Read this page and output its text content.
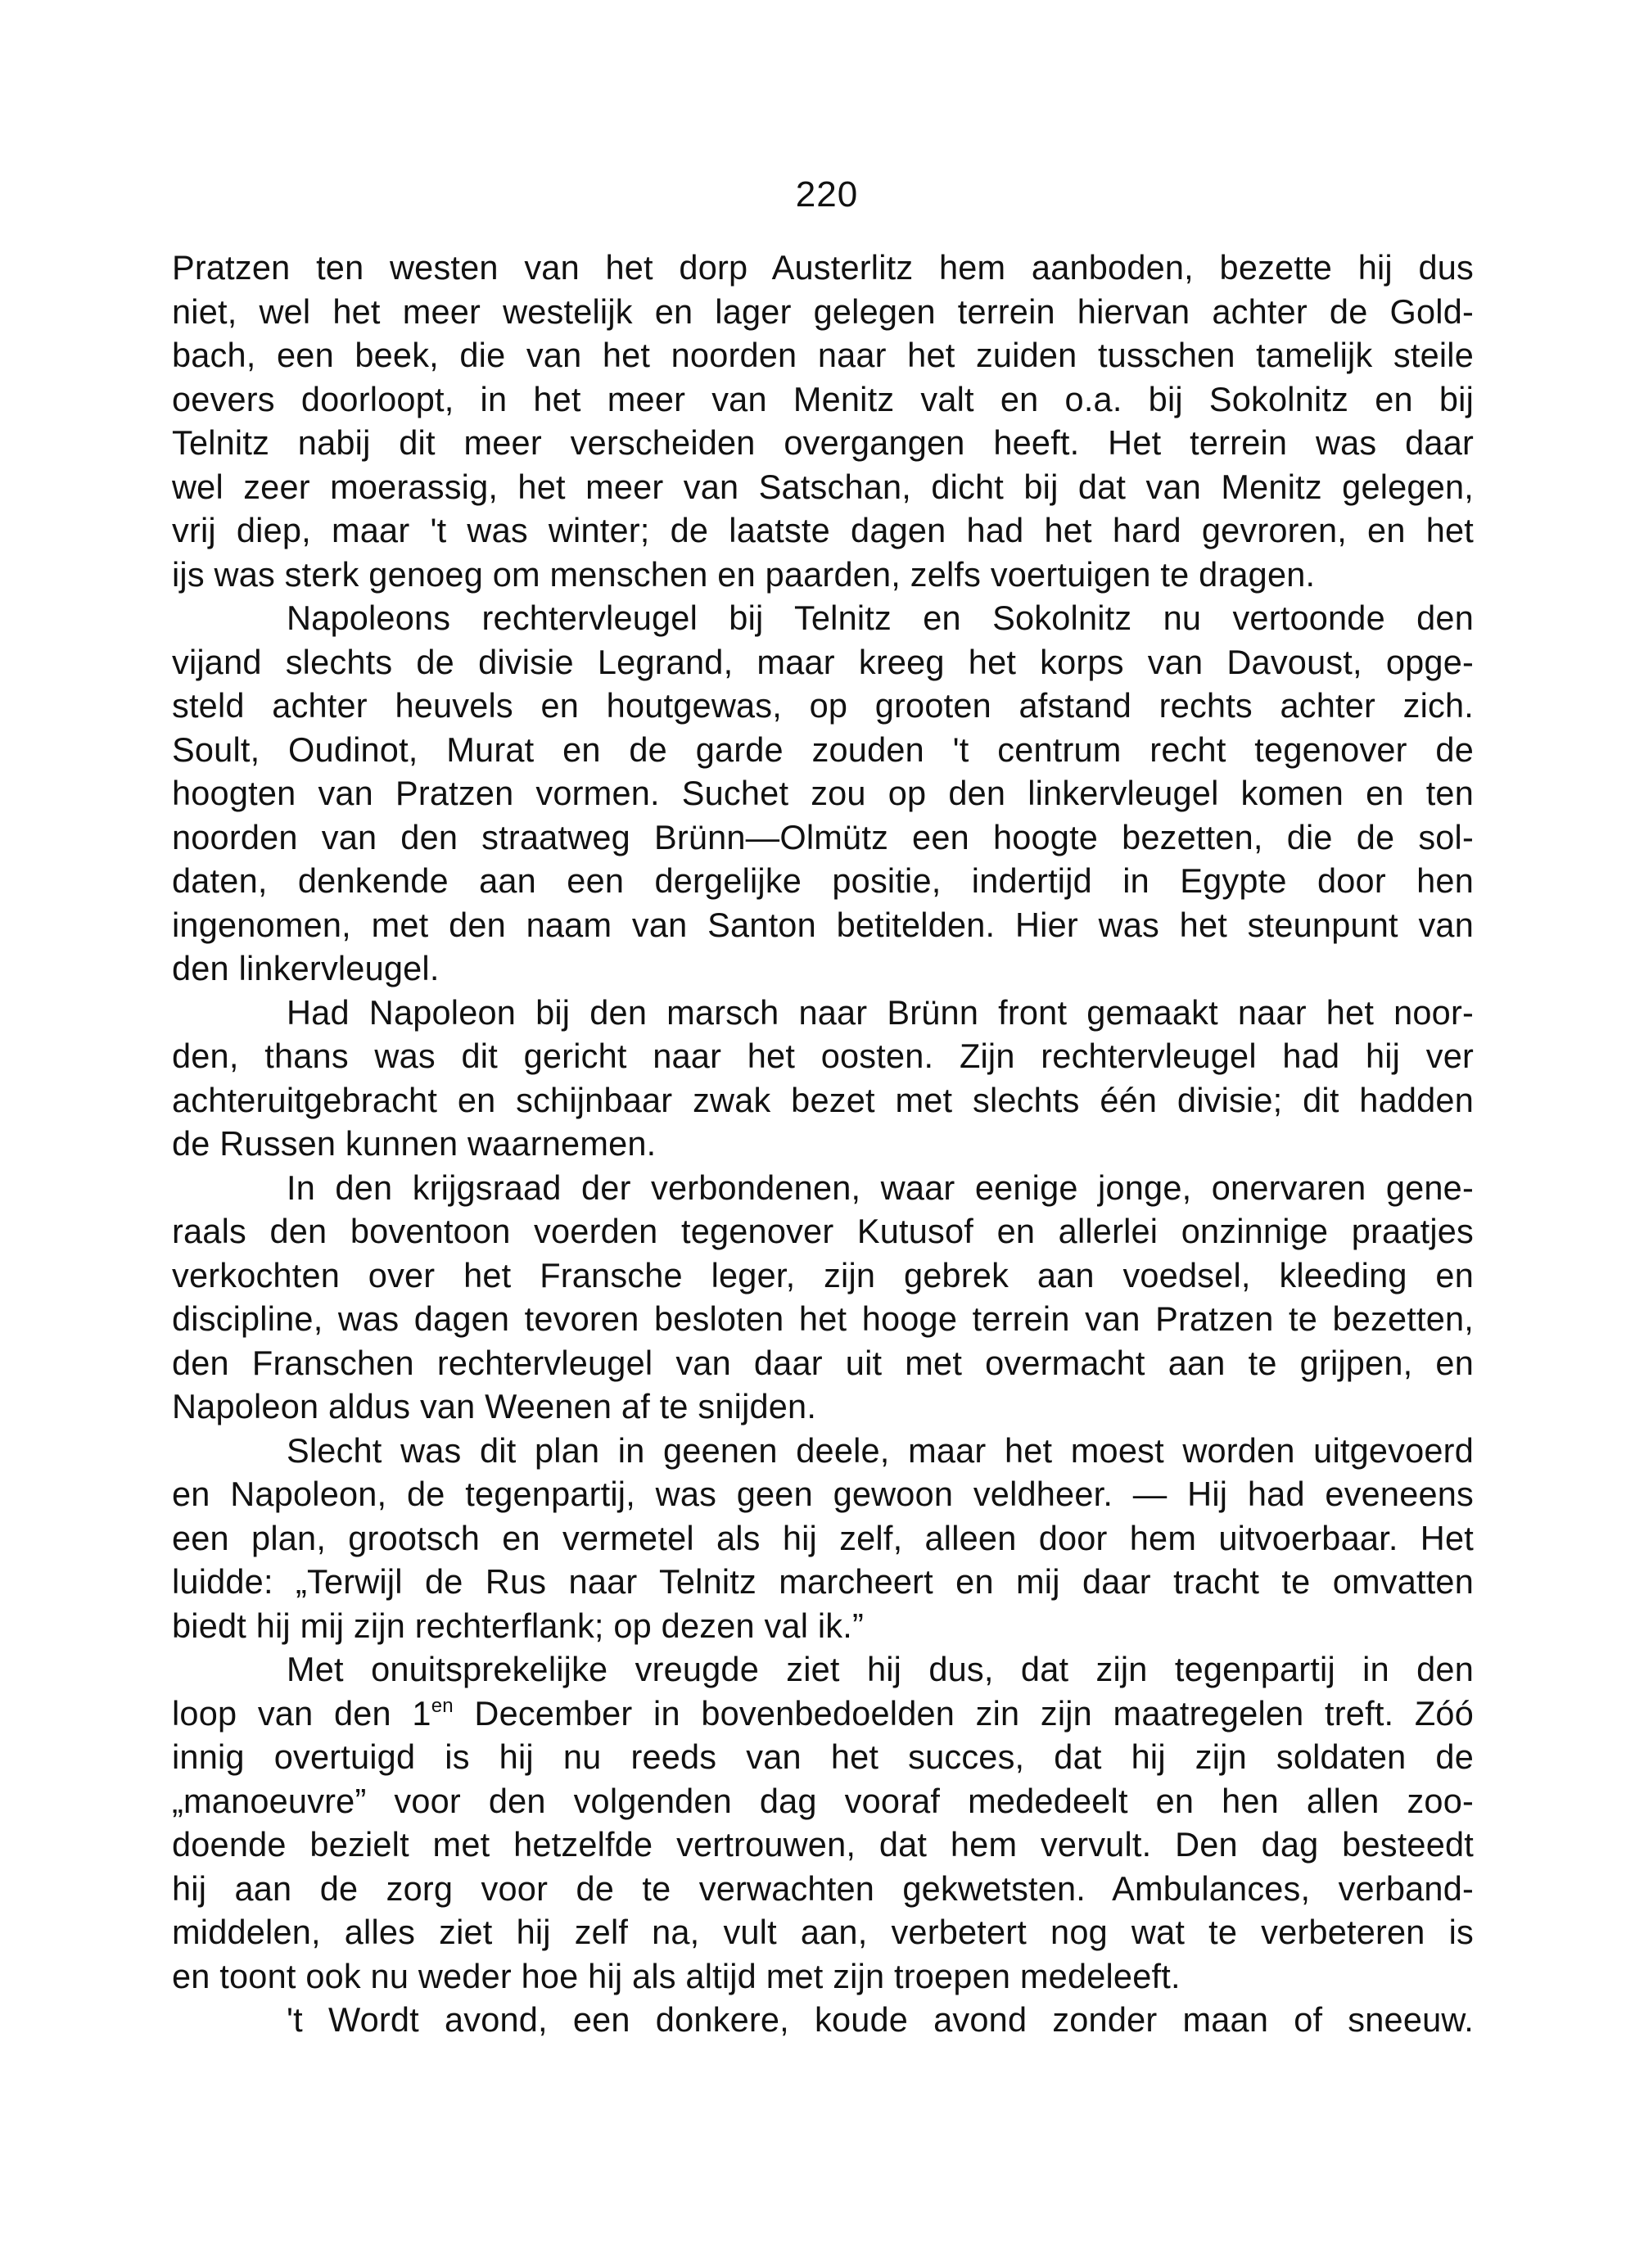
220
Pratzen ten westen van het dorp Austerlitz hem aanboden, bezette hij dus
niet, wel het meer westelijk en lager gelegen terrein hiervan achter de Gold-
bach, een beek, die van het noorden naar het zuiden tusschen tamelijk steile
oevers doorloopt, in het meer van Menitz valt en o.a. bij Sokolnitz en bij
Telnitz nabij dit meer verscheiden overgangen heeft. Het terrein was daar
wel zeer moerassig, het meer van Satschan, dicht bij dat van Menitz gelegen,
vrij diep, maar 't was winter; de laatste dagen had het hard gevroren, en het
ijs was sterk genoeg om menschen en paarden, zelfs voertuigen te dragen.
Napoleons rechtervleugel bij Telnitz en Sokolnitz nu vertoonde den
vijand slechts de divisie Legrand, maar kreeg het korps van Davoust, opge-
steld achter heuvels en houtgewas, op grooten afstand rechts achter zich.
Soult, Oudinot, Murat en de garde zouden 't centrum recht tegenover de
hoogten van Pratzen vormen. Suchet zou op den linkervleugel komen en ten
noorden van den straatweg Brünn—Olmütz een hoogte bezetten, die de sol-
daten, denkende aan een dergelijke positie, indertijd in Egypte door hen
ingenomen, met den naam van Santon betitelden. Hier was het steunpunt van
den linkervleugel.
Had Napoleon bij den marsch naar Brünn front gemaakt naar het noor-
den, thans was dit gericht naar het oosten. Zijn rechtervleugel had hij ver
achteruitgebracht en schijnbaar zwak bezet met slechts één divisie; dit hadden
de Russen kunnen waarnemen.
In den krijgsraad der verbondenen, waar eenige jonge, onervaren gene-
raals den boventoon voerden tegenover Kutusof en allerlei onzinnige praatjes
verkochten over het Fransche leger, zijn gebrek aan voedsel, kleeding en
discipline, was dagen tevoren besloten het hooge terrein van Pratzen te bezetten,
den Franschen rechtervleugel van daar uit met overmacht aan te grijpen, en
Napoleon aldus van Weenen af te snijden.
Slecht was dit plan in geenen deele, maar het moest worden uitgevoerd
en Napoleon, de tegenpartij, was geen gewoon veldheer. — Hij had eveneens
een plan, grootsch en vermetel als hij zelf, alleen door hem uitvoerbaar. Het
luidde: „Terwijl de Rus naar Telnitz marcheert en mij daar tracht te omvatten
biedt hij mij zijn rechterflank; op dezen val ik.”
Met onuitsprekelijke vreugde ziet hij dus, dat zijn tegenpartij in den
loop van den $1^{en}$ December in bovenbedoelden zin zijn maatregelen treft. Zóó
innig overtuigd is hij nu reeds van het succes, dat hij zijn soldaten de
„manoeuvre” voor den volgenden dag vooraf mededeelt en hen allen zoo-
doende bezielt met hetzelfde vertrouwen, dat hem vervult. Den dag besteedt
hij aan de zorg voor de te verwachten gekwetsten. Ambulances, verband-
middelen, alles ziet hij zelf na, vult aan, verbetert nog wat te verbeteren is
en toont ook nu weder hoe hij als altijd met zijn troepen medeleeft.
't Wordt avond, een donkere, koude avond zonder maan of sneeuw.
